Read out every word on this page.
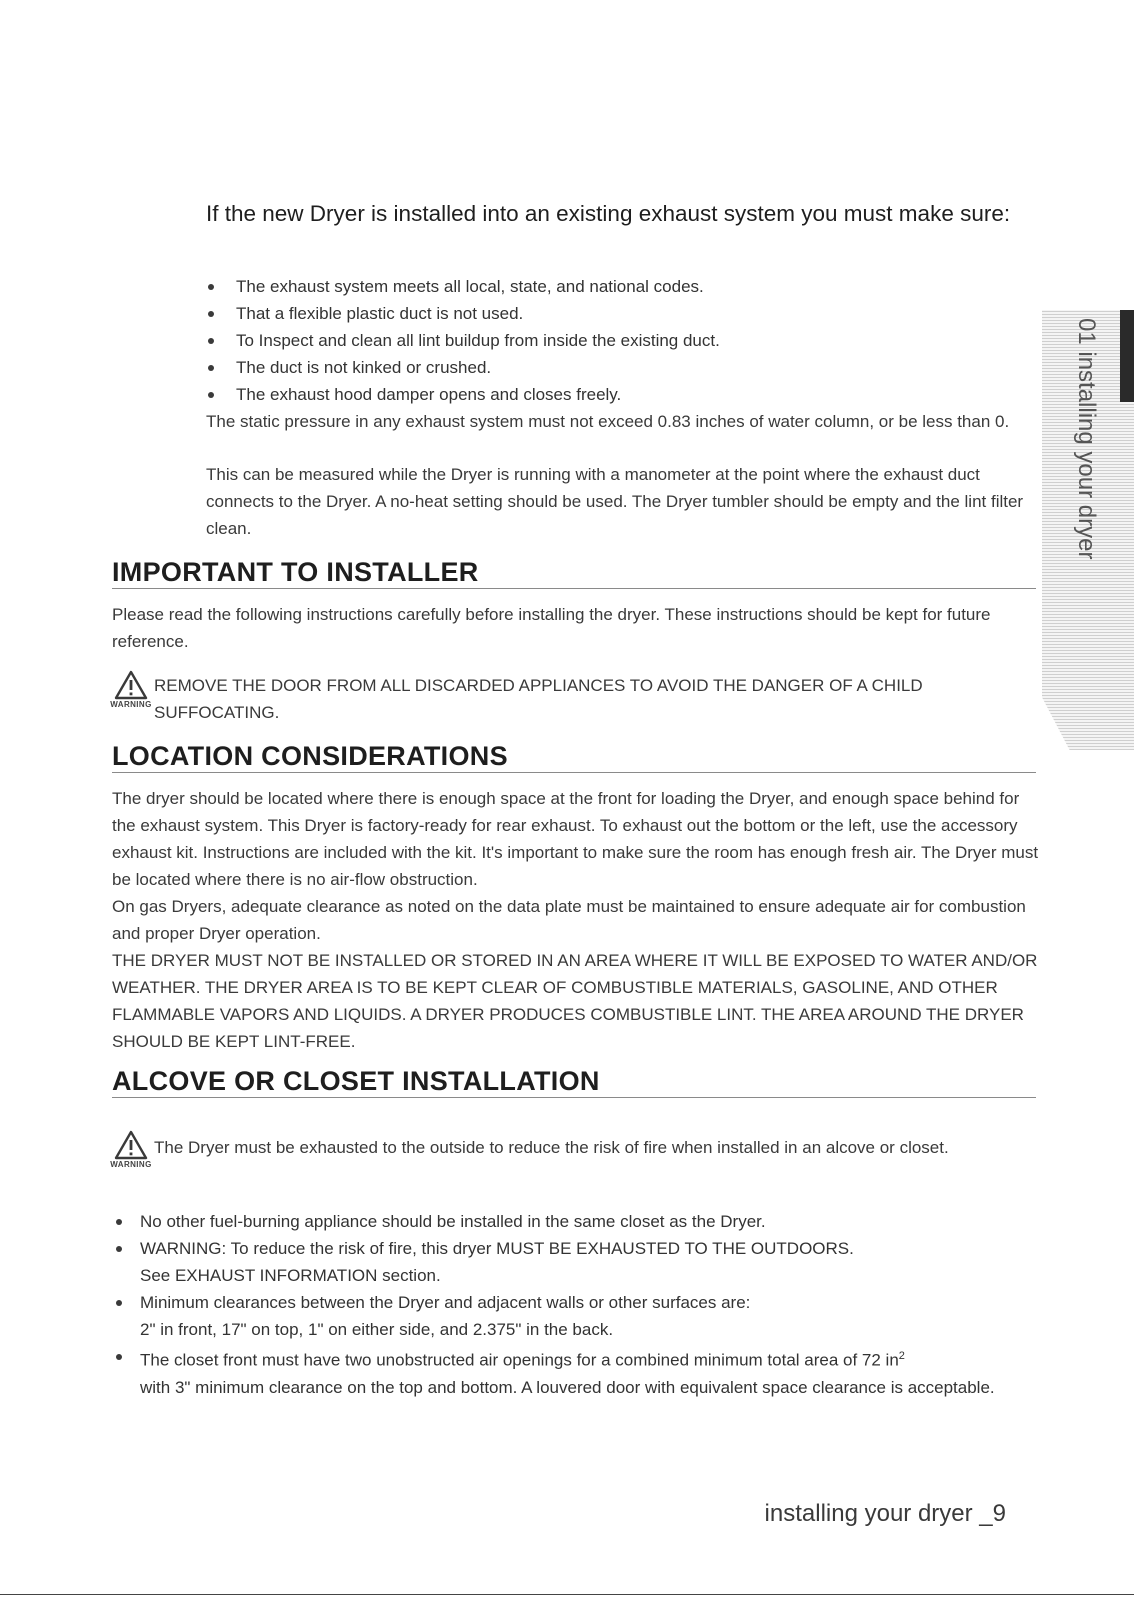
If the new Dryer is installed into an existing exhaust system you must make sure:
The exhaust system meets all local, state, and national codes.
That a flexible plastic duct is not used.
To Inspect and clean all lint buildup from inside the existing duct.
The duct is not kinked or crushed.
The exhaust hood damper opens and closes freely.

The static pressure in any exhaust system must not exceed 0.83 inches of water column, or be less than 0.

This can be measured while the Dryer is running with a manometer at the point where the exhaust duct connects to the Dryer. A no-heat setting should be used. The Dryer tumbler should be empty and the lint filter clean.

IMPORTANT TO INSTALLER

Please read the following instructions carefully before installing the dryer. These instructions should be kept for future reference.

WARNING

REMOVE THE DOOR FROM ALL DISCARDED APPLIANCES TO AVOID THE DANGER OF A CHILD SUFFOCATING.

LOCATION CONSIDERATIONS

The dryer should be located where there is enough space at the front for loading the Dryer, and enough space behind for the exhaust system. This Dryer is factory-ready for rear exhaust. To exhaust out the bottom or the left, use the accessory exhaust kit. Instructions are included with the kit. It's important to make sure the room has enough fresh air. The Dryer must be located where there is no air-flow obstruction.

On gas Dryers, adequate clearance as noted on the data plate must be maintained to ensure adequate air for combustion and proper Dryer operation.

THE DRYER MUST NOT BE INSTALLED OR STORED IN AN AREA WHERE IT WILL BE EXPOSED TO WATER AND/OR WEATHER. THE DRYER AREA IS TO BE KEPT CLEAR OF COMBUSTIBLE MATERIALS, GASOLINE, AND OTHER FLAMMABLE VAPORS AND LIQUIDS. A DRYER PRODUCES COMBUSTIBLE LINT. THE AREA AROUND THE DRYER SHOULD BE KEPT LINT-FREE.

ALCOVE OR CLOSET INSTALLATION
WARNING

The Dryer must be exhausted to the outside to reduce the risk of fire when installed in an alcove or closet.

No other fuel-burning appliance should be installed in the same closet as the Dryer.
WARNING: To reduce the risk of fire, this dryer MUST BE EXHAUSTED TO THE OUTDOORS.
See EXHAUST INFORMATION section.
Minimum clearances between the Dryer and adjacent walls or other surfaces are:
2" in front, 17" on top, 1" on either side, and 2.375" in the back.
The closet front must have two unobstructed air openings for a combined minimum total area of 72 $in^2$
with 3" minimum clearance on the top and bottom. A louvered door with equivalent space clearance is acceptable.
01 installing your dryer
installing your dryer _9
